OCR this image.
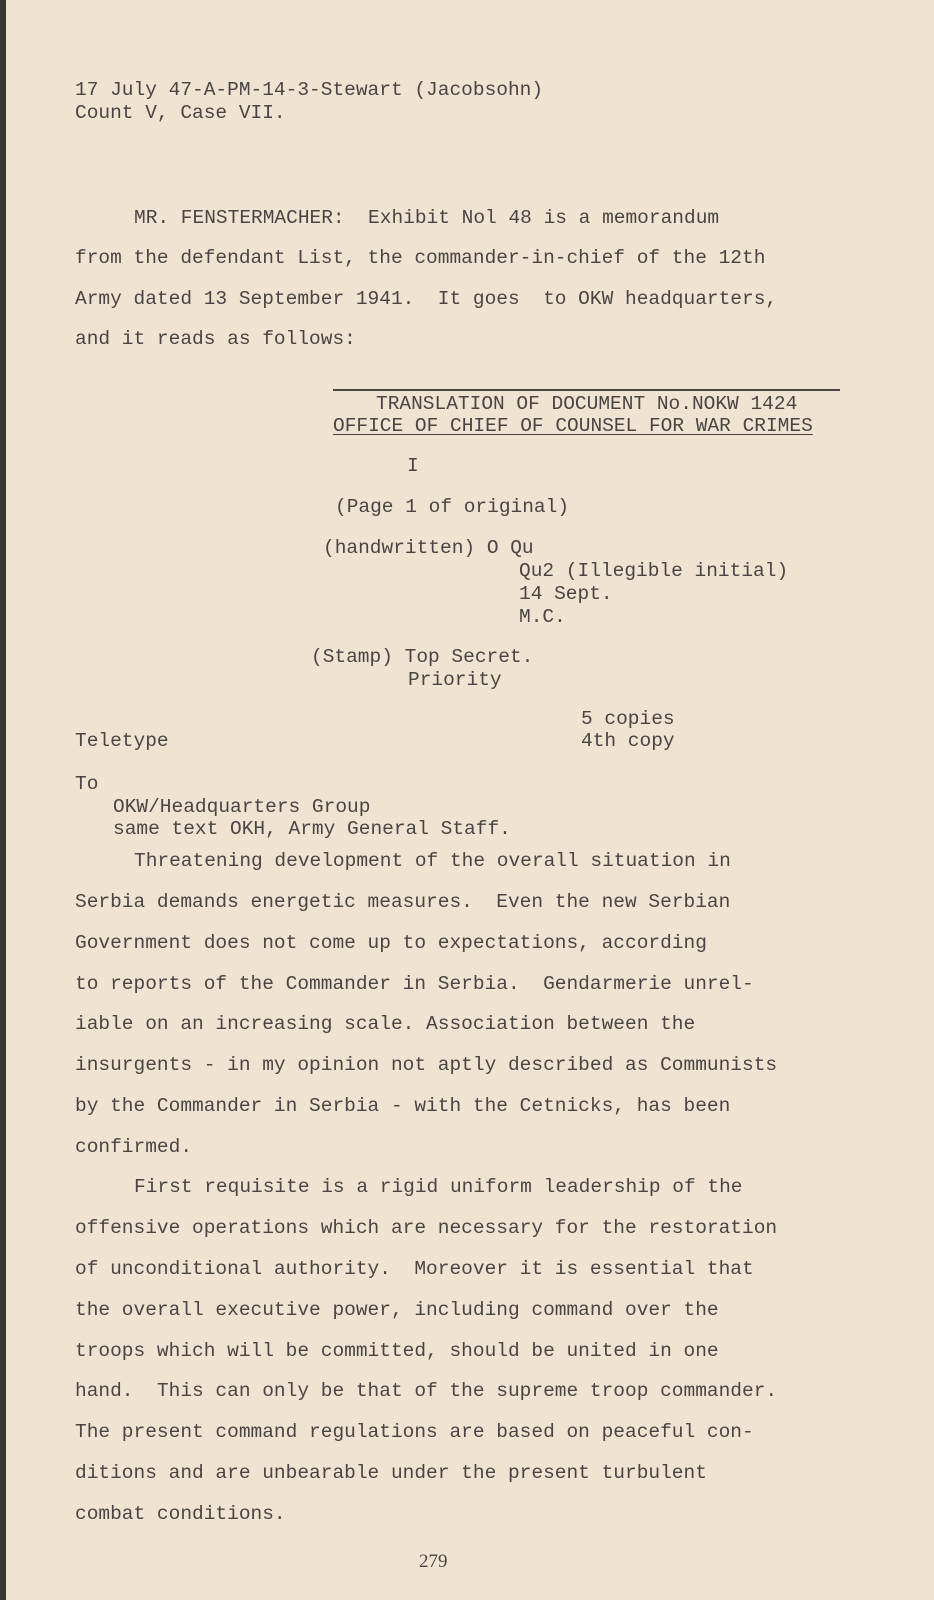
17 July 47-A-PM-14-3-Stewart (Jacobsohn)
Count V, Case VII.
MR. FENSTERMACHER:  Exhibit Nol 48 is a memorandum
from the defendant List, the commander-in-chief of the 12th
Army dated 13 September 1941.  It goes  to OKW headquarters,
and it reads as follows:
TRANSLATION OF DOCUMENT No.NOKW 1424
OFFICE OF CHIEF OF COUNSEL FOR WAR CRIMES
I
(Page 1 of original)
(handwritten) O Qu
Qu2 (Illegible initial)
14 Sept.
M.C.
(Stamp) Top Secret.
Priority
5 copies
Teletype	4th copy
To
OKW/Headquarters Group
same text OKH, Army General Staff.
Threatening development of the overall situation in
Serbia demands energetic measures.  Even the new Serbian
Government does not come up to expectations, according
to reports of the Commander in Serbia.  Gendarmerie unrel-
iable on an increasing scale. Association between the
insurgents - in my opinion not aptly described as Communists
by the Commander in Serbia - with the Cetnicks, has been
confirmed.
First requisite is a rigid uniform leadership of the
offensive operations which are necessary for the restoration
of unconditional authority.  Moreover it is essential that
the overall executive power, including command over the
troops which will be committed, should be united in one
hand.  This can only be that of the supreme troop commander.
The present command regulations are based on peaceful con-
ditions and are unbearable under the present turbulent
combat conditions.
279
